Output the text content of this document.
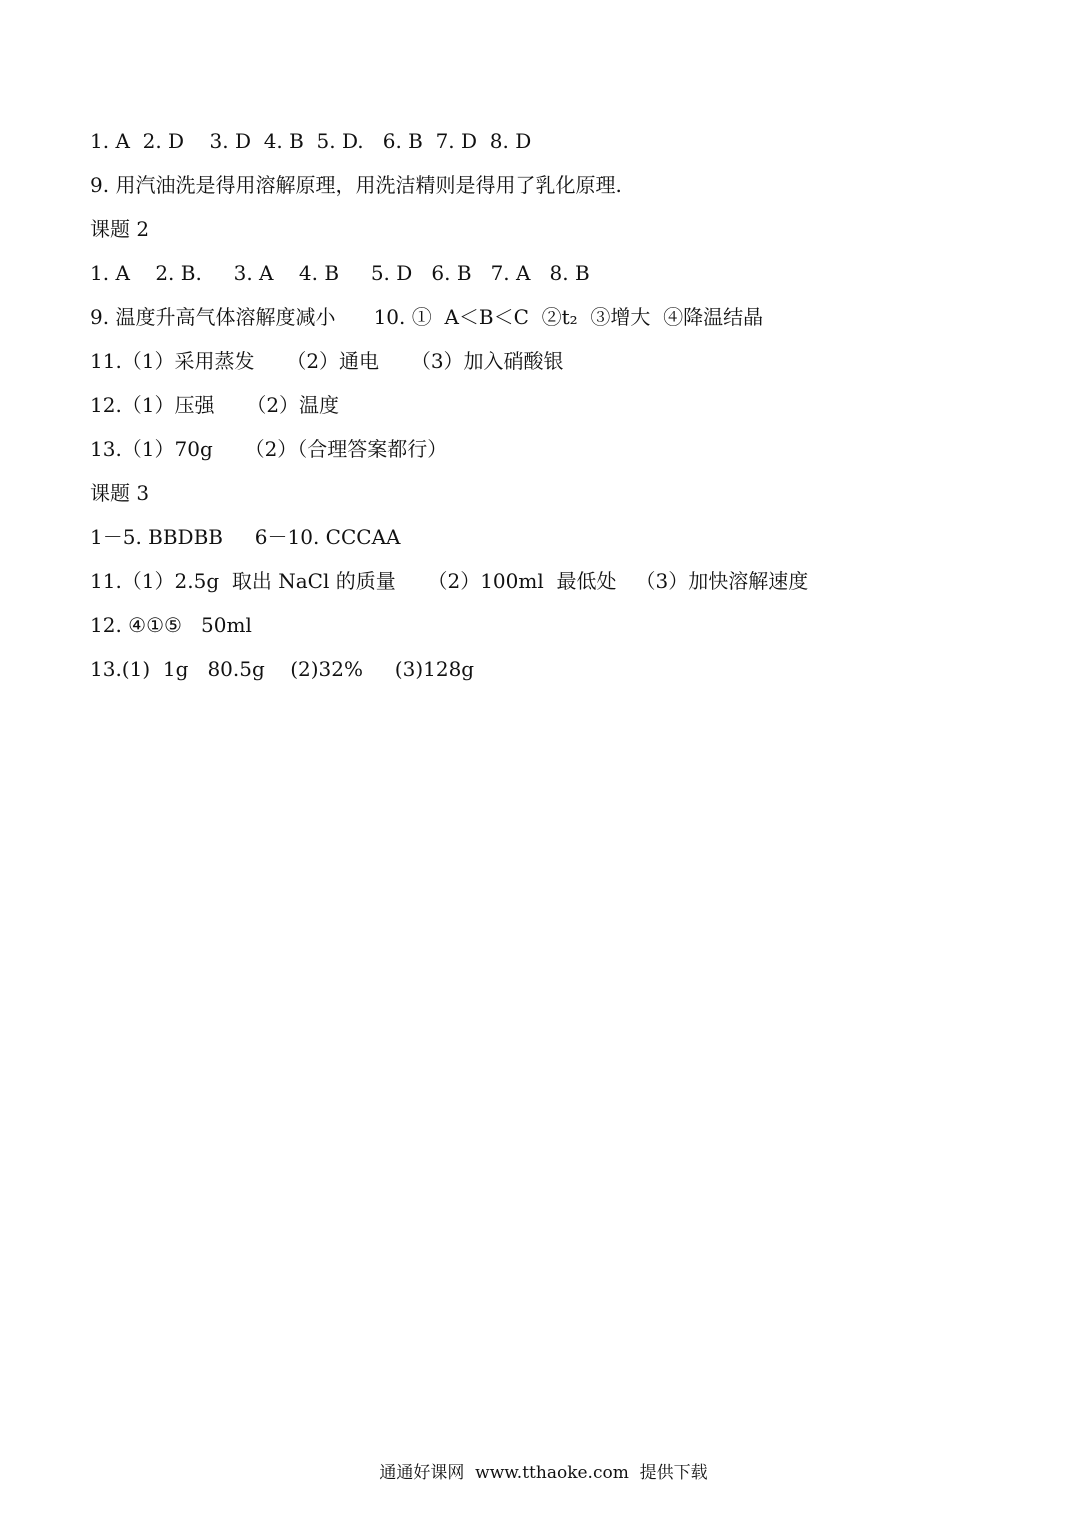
1. A  2. D    3. D  4. B  5. D.   6. B  7. D  8. D
9. 用汽油洗是得用溶解原理，用洗洁精则是得用了乳化原理.
课题 2
1. A    2. B.     3. A    4. B     5. D   6. B   7. A   8. B
9. 温度升高气体溶解度减小      10. ①  A＜B＜C  ②t₂  ③增大  ④降温结晶
11.（1）采用蒸发     （2）通电     （3）加入硝酸银
12.（1）压强     （2）温度
13.（1）70g     （2）（合理答案都行）
课题 3
1－5. BBDBB     6－10. CCCAA
11.（1）2.5g  取出 NaCl 的质量     （2）100ml  最低处   （3）加快溶解速度
12. ④①⑤   50ml
13.(1)  1g   80.5g    (2)32%     (3)128g
通通好课网  www.tthaoke.com  提供下载
